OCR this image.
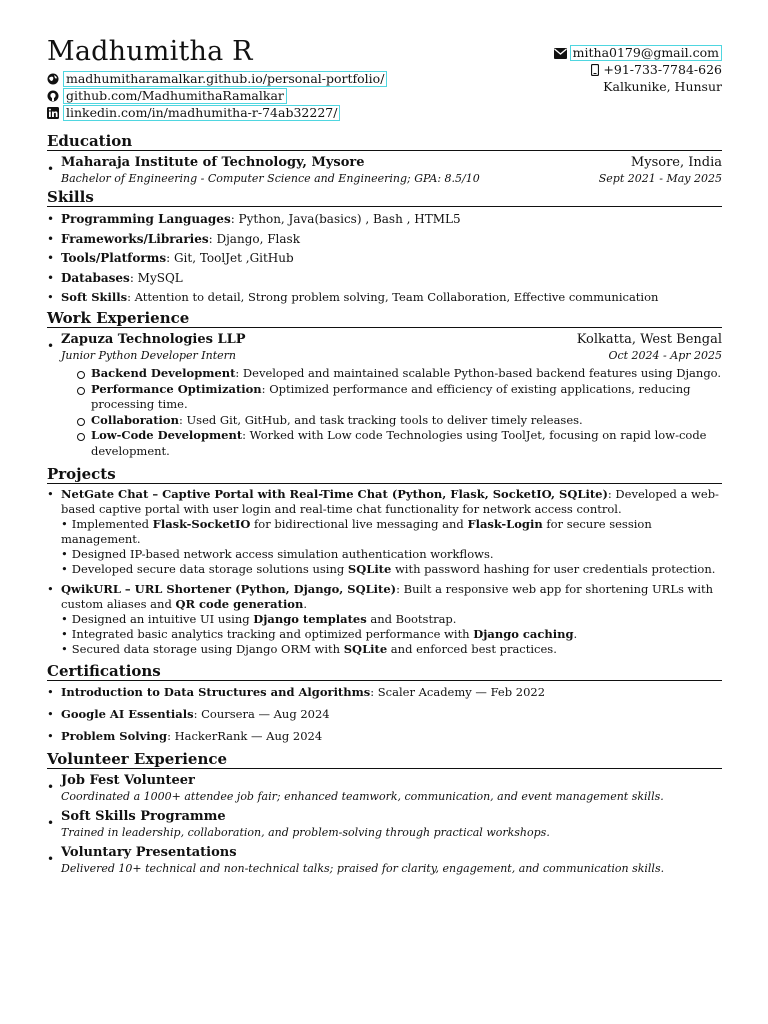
Madhumitha R
madhumitharamalkar.github.io/personal-portfolio/
github.com/MadhumithaRamalkar
linkedin.com/in/madhumitha-r-74ab32227/
mitha0179@gmail.com
+91-733-7784-626
Kalkunike, Hunsur
Education
• Maharaja Institute of Technology, Mysore	Mysore, India
Bachelor of Engineering - Computer Science and Engineering; GPA: 8.5/10	Sept 2021 - May 2025
Skills
• Programming Languages: Python, Java(basics) , Bash , HTML5
• Frameworks/Libraries: Django, Flask
• Tools/Platforms: Git, ToolJet ,GitHub
• Databases: MySQL
• Soft Skills: Attention to detail, Strong problem solving, Team Collaboration, Effective communication
Work Experience
• Zapuza Technologies LLP	Kolkatta, West Bengal
Junior Python Developer Intern	Oct 2024 - Apr 2025
Backend Development: Developed and maintained scalable Python-based backend features using Django.
Performance Optimization: Optimized performance and efficiency of existing applications, reducing processing time.
Collaboration: Used Git, GitHub, and task tracking tools to deliver timely releases.
Low-Code Development: Worked with Low code Technologies using ToolJet, focusing on rapid low-code development.
Projects
• NetGate Chat – Captive Portal with Real-Time Chat (Python, Flask, SocketIO, SQLite): Developed a web-based captive portal with user login and real-time chat functionality for network access control.
• Implemented Flask-SocketIO for bidirectional live messaging and Flask-Login for secure session management.
• Designed IP-based network access simulation authentication workflows.
• Developed secure data storage solutions using SQLite with password hashing for user credentials protection.
• QwikURL – URL Shortener (Python, Django, SQLite): Built a responsive web app for shortening URLs with custom aliases and QR code generation.
• Designed an intuitive UI using Django templates and Bootstrap.
• Integrated basic analytics tracking and optimized performance with Django caching.
• Secured data storage using Django ORM with SQLite and enforced best practices.
Certifications
• Introduction to Data Structures and Algorithms: Scaler Academy — Feb 2022
• Google AI Essentials: Coursera — Aug 2024
• Problem Solving: HackerRank — Aug 2024
Volunteer Experience
• Job Fest Volunteer
Coordinated a 1000+ attendee job fair; enhanced teamwork, communication, and event management skills.
• Soft Skills Programme
Trained in leadership, collaboration, and problem-solving through practical workshops.
• Voluntary Presentations
Delivered 10+ technical and non-technical talks; praised for clarity, engagement, and communication skills.
